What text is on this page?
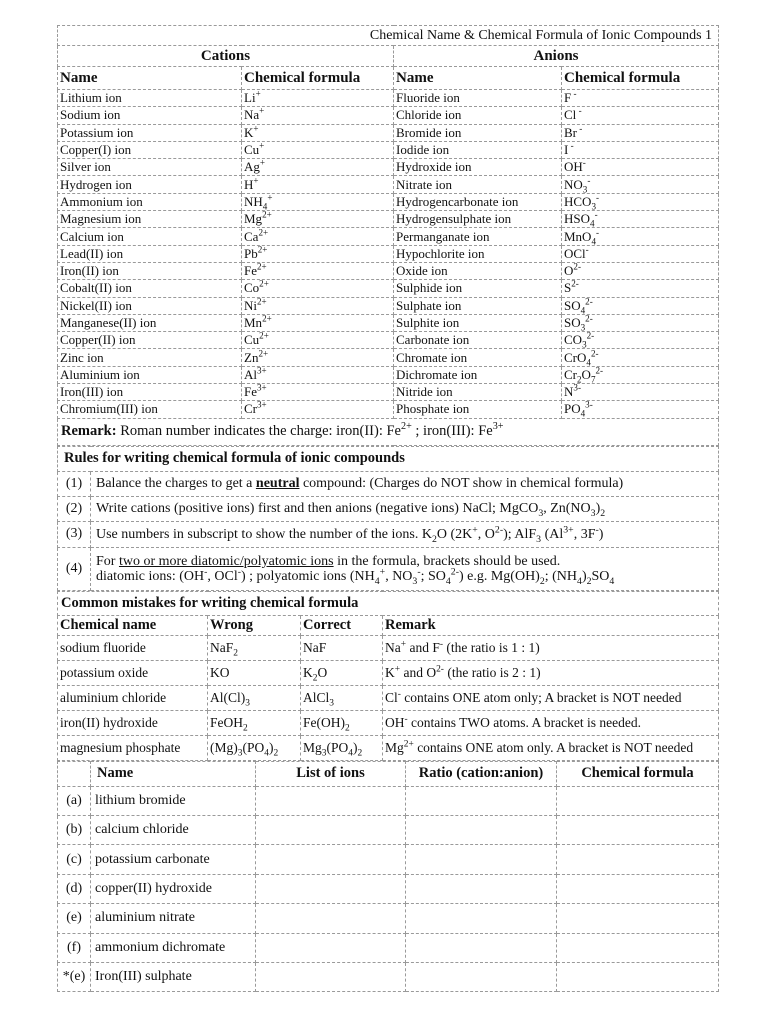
Chemical Name & Chemical Formula of Ionic Compounds 1			
Cations		Anions	
Name	Chemical formula	Name	Chemical formula
Lithium ion	Li+	Fluoride ion	F -
Sodium ion	Na+	Chloride ion	Cl -
Potassium ion	K+	Bromide ion	Br -
Copper(I) ion	Cu+	Iodide ion	I -
Silver ion	Ag+	Hydroxide ion	OH-
Hydrogen ion	H+	Nitrate ion	$NO_3^-$
Ammonium ion	$NH_4^+$	Hydrogencarbonate ion	$HCO_3^-$
Magnesium ion	$Mg^{2+}$	Hydrogensulphate ion	$HSO_4^-$
Calcium ion	$Ca^{2+}$	Permanganate ion	MnO$_4$-
Lead(II) ion	$Pb^{2+}$	Hypochlorite ion	OCl-
Iron(II) ion	$Fe^{2+}$	Oxide ion	$O^{2-}$
Cobalt(II) ion	$Co^{2+}$	Sulphide ion	$S^{2-}$
Nickel(II) ion	$Ni^{2+}$	Sulphate ion	$SO_4^{2-}$
Manganese(II) ion	$Mn^{2+}$	Sulphite ion	$SO_3^{2-}$
Copper(II) ion	$Cu^{2+}$	Carbonate ion	$CO_3^{2-}$
Zinc ion	$Zn^{2+}$	Chromate ion	CrO$_4^{2-}$
Aluminium ion	$Al^{3+}$	Dichromate ion	$Cr_2O_7^{2-}$
Iron(III) ion	$Fe^{3+}$	Nitride ion	$N^{3-}$
Chromium(III) ion	$Cr^{3+}$	Phosphate ion	$PO_4^{3-}$
Remark: Roman number indicates the charge: iron(II): $Fe^{2+}$ ; iron(III): $Fe^{3+}$
Rules for writing chemical formula of ionic compounds	
(1)	Balance the charges to get a neutral compound: (Charges do NOT show in chemical formula)
(2)	Write cations (positive ions) first and then anions (negative ions) NaCl; MgCO$_3$, $Zn(NO_3)_2$
(3)	Use numbers in subscript to show the number of the ions. $K_2O$ (2K+, $O^{2-}$); AlF$_3$ ($Al^{3+}$, 3F-)
(4)	For two or more diatomic/polyatomic ions in the formula, brackets should be used.
diatomic ions: (OH-, OCl-) ; polyatomic ions ($NH_4^+$, $NO_3^-$; $SO_4^{2-}$) e.g. $Mg(OH)_2$; $(NH_4)_2SO_4$
Common mistakes for writing chemical formula			
Chemical name	Wrong	Correct	Remark
sodium fluoride	NaF$_2$	NaF	Na+ and F- (the ratio is 1 : 1)
potassium oxide	KO	$K_2O$	K+ and $O^{2-}$ (the ratio is 2 : 1)
aluminium chloride	$Al(Cl)_3$	AlCl$_3$	Cl- contains ONE atom only; A bracket is NOT needed
iron(II) hydroxide	FeOH$_2$	$Fe(OH)_2$	OH- contains TWO atoms. A bracket is needed.
magnesium phosphate	$(Mg)_3(PO_4)_2$	$Mg_3(PO_4)_2$	$Mg^{2+}$ contains ONE atom only. A bracket is NOT needed
	Name	List of ions	Ratio (cation:anion)	Chemical formula
(a)	lithium bromide			
(b)	calcium chloride			
(c)	potassium carbonate			
(d)	copper(II) hydroxide			
(e)	aluminium nitrate			
(f)	ammonium dichromate			
*(e)	Iron(III) sulphate			
